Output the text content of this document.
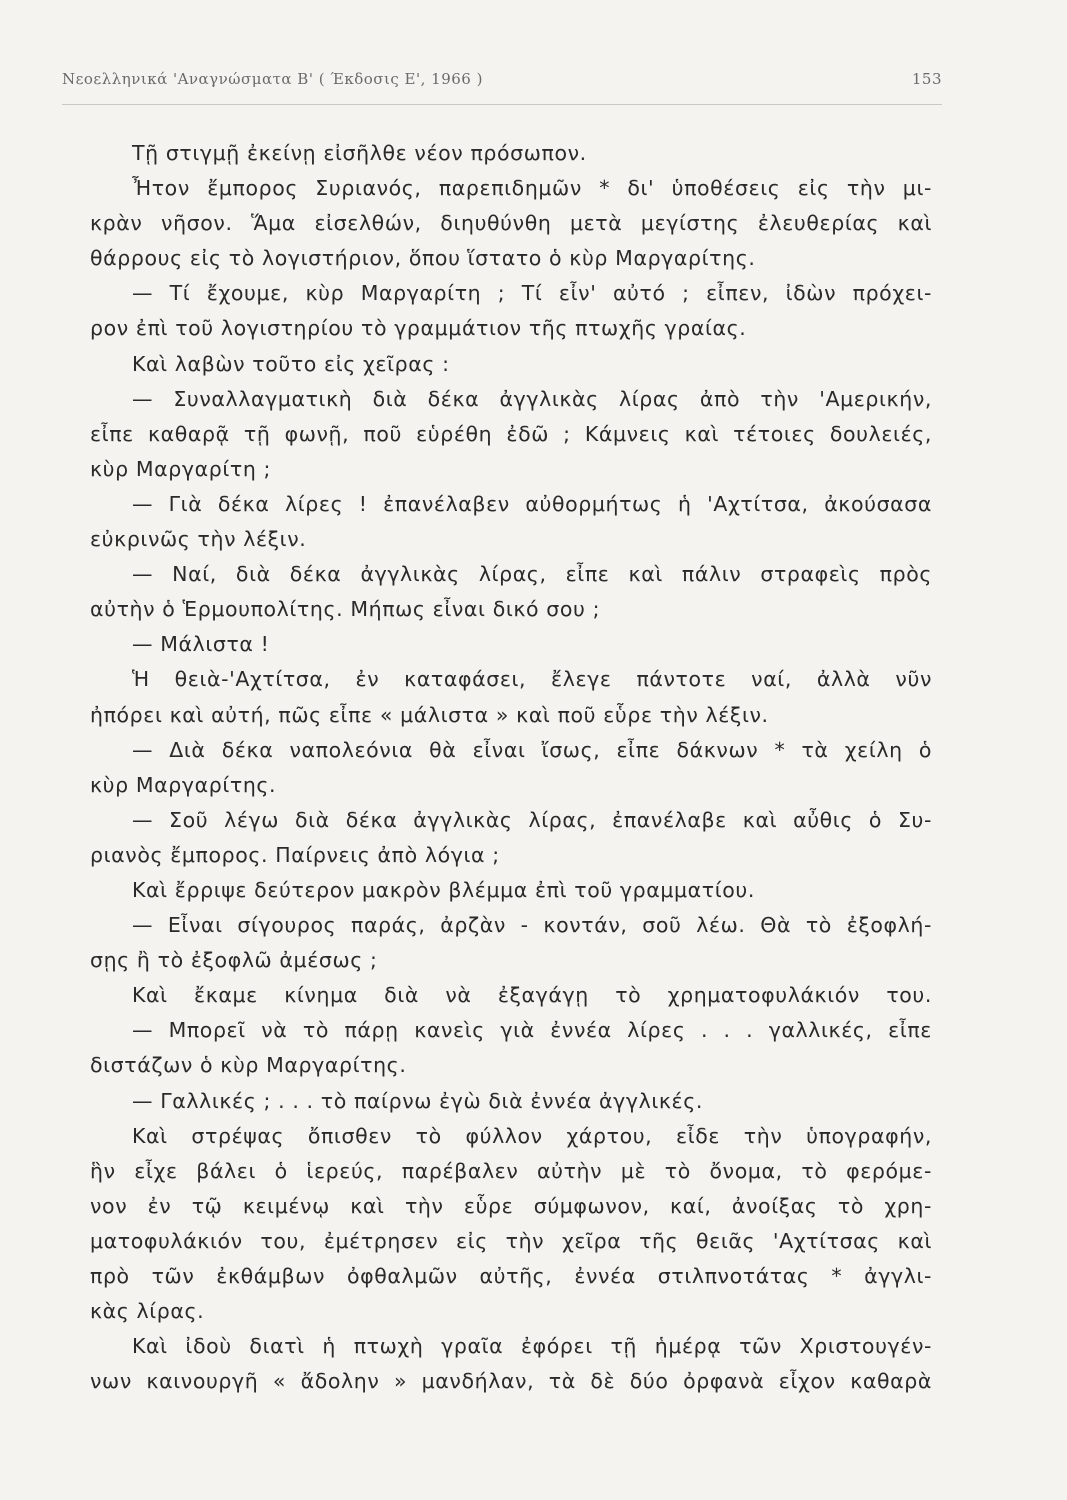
Νεοελληνικά 'Αναγνώσματα Β' ( Έκδοσις Ε', 1966 )	153
Τῇ στιγμῇ ἐκείνῃ εἰσῆλθε νέον πρόσωπον.
Ἦτον ἔμπορος Συριανός, παρεπιδημῶν * δι' ὑποθέσεις εἰς τὴν μι-
κρὰν νῆσον. Ἅμα εἰσελθών, διηυθύνθη μετὰ μεγίστης ἐλευθερίας καὶ
θάρρους εἰς τὸ λογιστήριον, ὅπου ἵστατο ὁ κὺρ Μαργαρίτης.
— Τί ἔχουμε, κὺρ Μαργαρίτη ; Τί εἶν' αὐτό ; εἶπεν, ἰδὼν πρόχει-
ρον ἐπὶ τοῦ λογιστηρίου τὸ γραμμάτιον τῆς πτωχῆς γραίας.
Καὶ λαβὼν τοῦτο εἰς χεῖρας :
— Συναλλαγματικὴ διὰ δέκα ἀγγλικὰς λίρας ἀπὸ τὴν 'Αμερικήν,
εἶπε καθαρᾷ τῇ φωνῇ, ποῦ εὑρέθη ἐδῶ ; Κάμνεις καὶ τέτοιες δουλειές,
κὺρ Μαργαρίτη ;
— Γιὰ δέκα λίρες ! ἐπανέλαβεν αὐθορμήτως ἡ 'Αχτίτσα, ἀκούσασα
εὐκρινῶς τὴν λέξιν.
— Ναί, διὰ δέκα ἀγγλικὰς λίρας, εἶπε καὶ πάλιν στραφεὶς πρὸς
αὐτὴν ὁ Ἑρμουπολίτης. Μήπως εἶναι δικό σου ;
— Μάλιστα !
Ἡ θειὰ-'Αχτίτσα, ἐν καταφάσει, ἔλεγε πάντοτε ναί, ἀλλὰ νῦν
ἠπόρει καὶ αὐτή, πῶς εἶπε « μάλιστα » καὶ ποῦ εὗρε τὴν λέξιν.
— Διὰ δέκα ναπολεόνια θὰ εἶναι ἴσως, εἶπε δάκνων * τὰ χείλη ὁ
κὺρ Μαργαρίτης.
— Σοῦ λέγω διὰ δέκα ἀγγλικὰς λίρας, ἐπανέλαβε καὶ αὖθις ὁ Συ-
ριανὸς ἔμπορος. Παίρνεις ἀπὸ λόγια ;
Καὶ ἔρριψε δεύτερον μακρὸν βλέμμα ἐπὶ τοῦ γραμματίου.
— Εἶναι σίγουρος παράς, ἀρζὰν - κοντάν, σοῦ λέω. Θὰ τὸ ἐξοφλή-
σῃς ἢ τὸ ἐξοφλῶ ἀμέσως ;
Καὶ ἔκαμε κίνημα διὰ νὰ ἐξαγάγῃ τὸ χρηματοφυλάκιόν του.
— Μπορεῖ νὰ τὸ πάρῃ κανεὶς γιὰ ἐννέα λίρες . . . γαλλικές, εἶπε
διστάζων ὁ κὺρ Μαργαρίτης.
— Γαλλικές ; . . . τὸ παίρνω ἐγὼ διὰ ἐννέα ἀγγλικές.
Καὶ στρέψας ὄπισθεν τὸ φύλλον χάρτου, εἶδε τὴν ὑπογραφήν,
ἣν εἶχε βάλει ὁ ἱερεύς, παρέβαλεν αὐτὴν μὲ τὸ ὄνομα, τὸ φερόμε-
νον ἐν τῷ κειμένῳ καὶ τὴν εὗρε σύμφωνον, καί, ἀνοίξας τὸ χρη-
ματοφυλάκιόν του, ἐμέτρησεν εἰς τὴν χεῖρα τῆς θειᾶς 'Αχτίτσας καὶ
πρὸ τῶν ἐκθάμβων ὀφθαλμῶν αὐτῆς, ἐννέα στιλπνοτάτας * ἀγγλι-
κὰς λίρας.
Καὶ ἰδοὺ διατὶ ἡ πτωχὴ γραῖα ἐφόρει τῇ ἡμέρᾳ τῶν Χριστουγέν-
νων καινουργῆ « ἄδολην » μανδήλαν, τὰ δὲ δύο ὀρφανὰ εἶχον καθαρὰ
